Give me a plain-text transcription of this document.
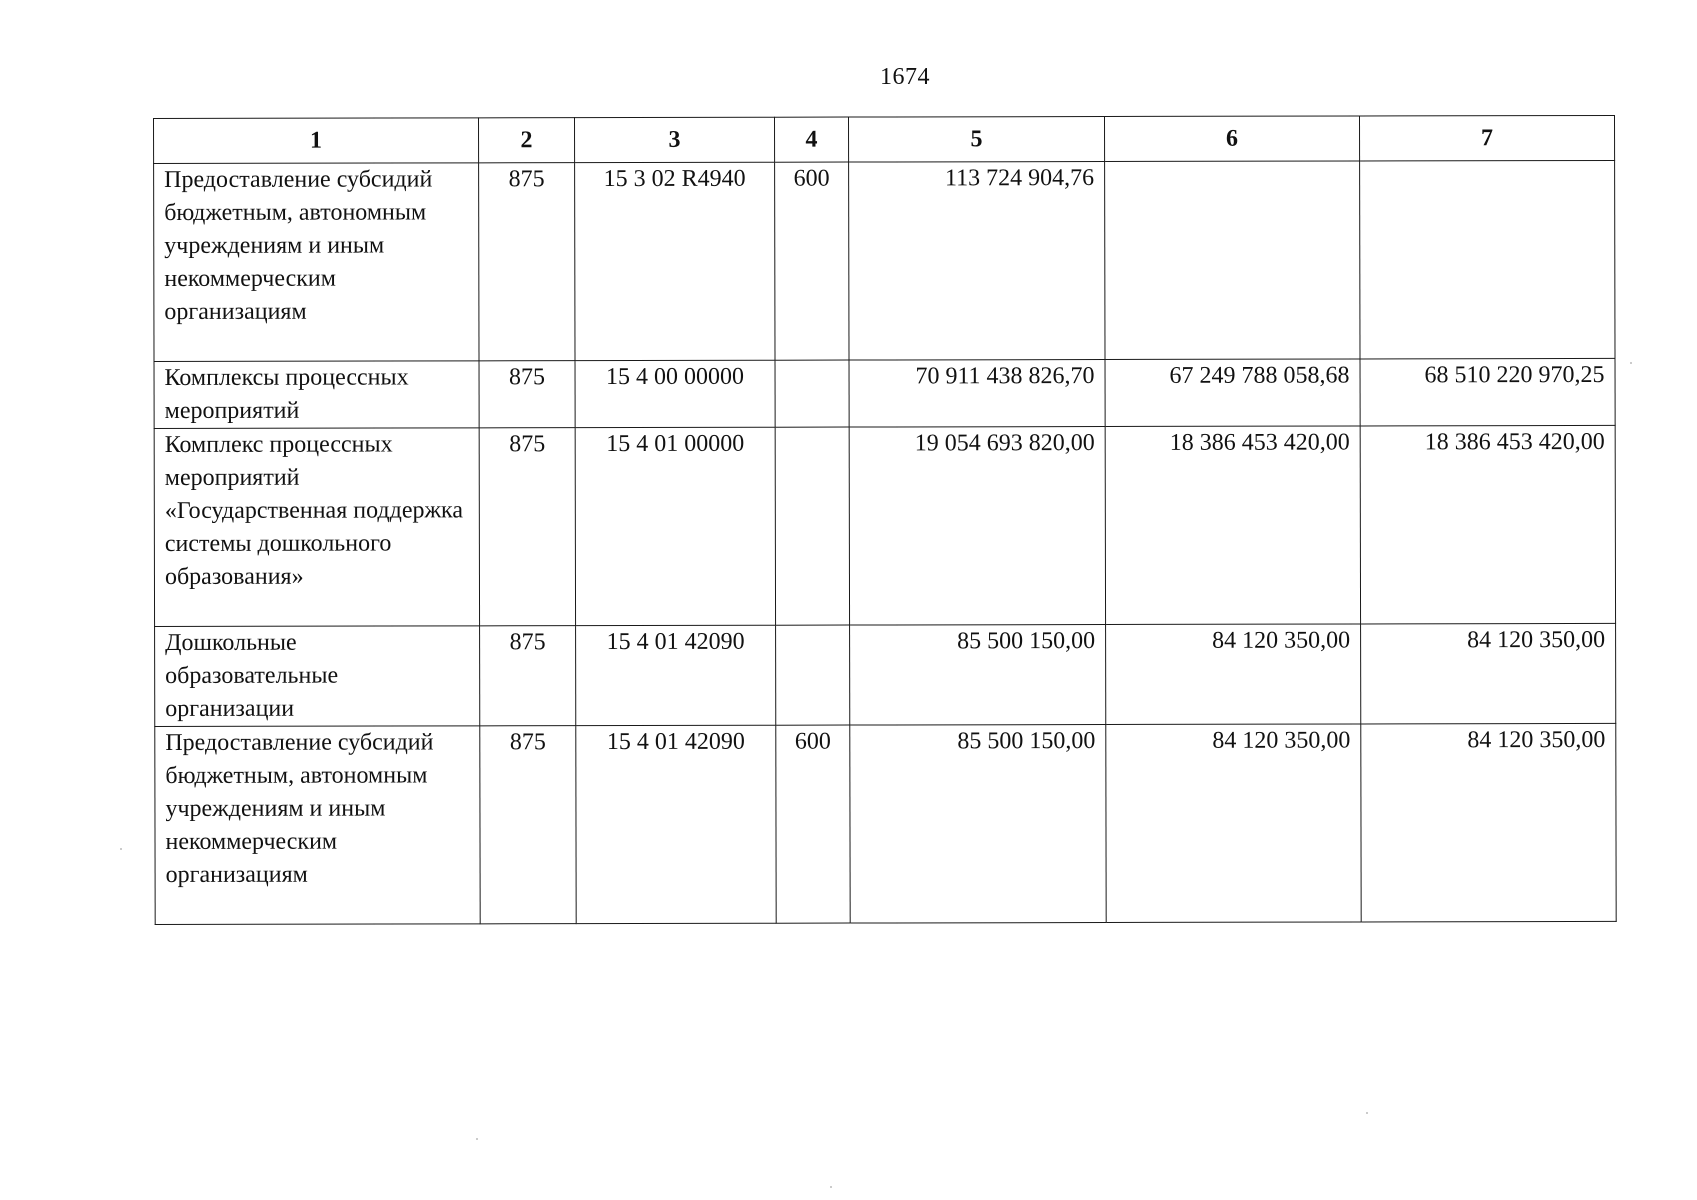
1674
1	2	3	4	5	6	7

Предоставление субсидий бюджетным, автономным учреждениям и иным некоммерческим организациям	875	15 3 02 R4940	600	113 724 904,76		

Комплексы процессных мероприятий	875	15 4 00 00000		70 911 438 826,70	67 249 788 058,68	68 510 220 970,25

Комплекс процессных мероприятий «Государственная поддержка системы дошкольного образования»	875	15 4 01 00000		19 054 693 820,00	18 386 453 420,00	18 386 453 420,00

Дошкольные образовательные организации	875	15 4 01 42090		85 500 150,00	84 120 350,00	84 120 350,00

Предоставление субсидий бюджетным, автономным учреждениям и иным некоммерческим организациям	875	15 4 01 42090	600	85 500 150,00	84 120 350,00	84 120 350,00
